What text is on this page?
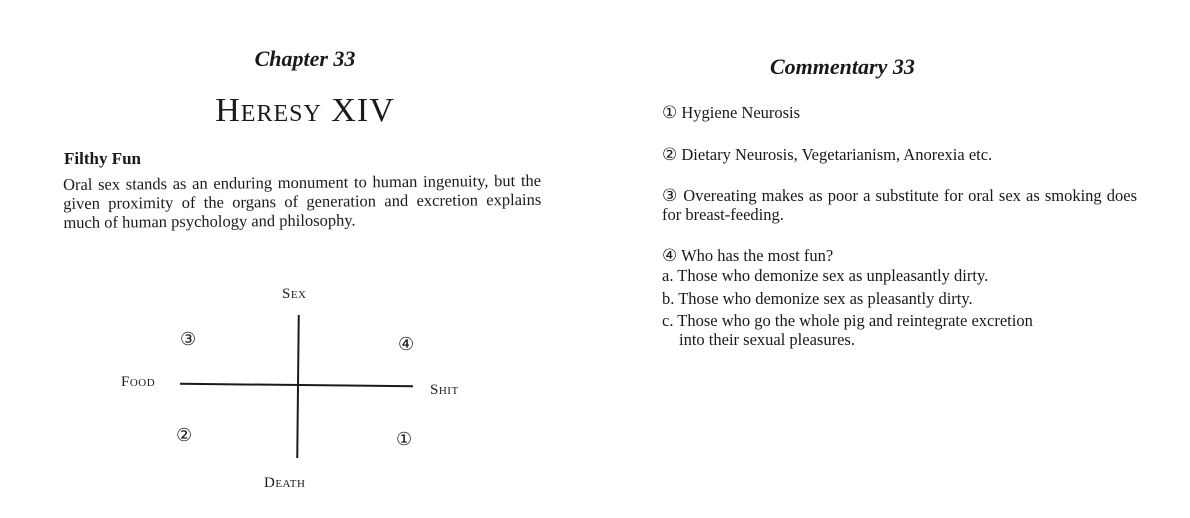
Chapter 33
Heresy XIV
Filthy Fun
Oral sex stands as an enduring monument to human ingenuity, but the given proximity of the organs of generation and excretion explains much of human psychology and philosophy.
Sex
Food	Shit
Death
③	④
②	①
Commentary 33
① Hygiene Neurosis
② Dietary Neurosis, Vegetarianism, Anorexia etc.
③ Overeating makes as poor a substitute for oral sex as smoking does for breast-feeding.
④ Who has the most fun?
a. Those who demonize sex as unpleasantly dirty.
b. Those who demonize sex as pleasantly dirty.
c. Those who go the whole pig and reintegrate excretion
into their sexual pleasures.
